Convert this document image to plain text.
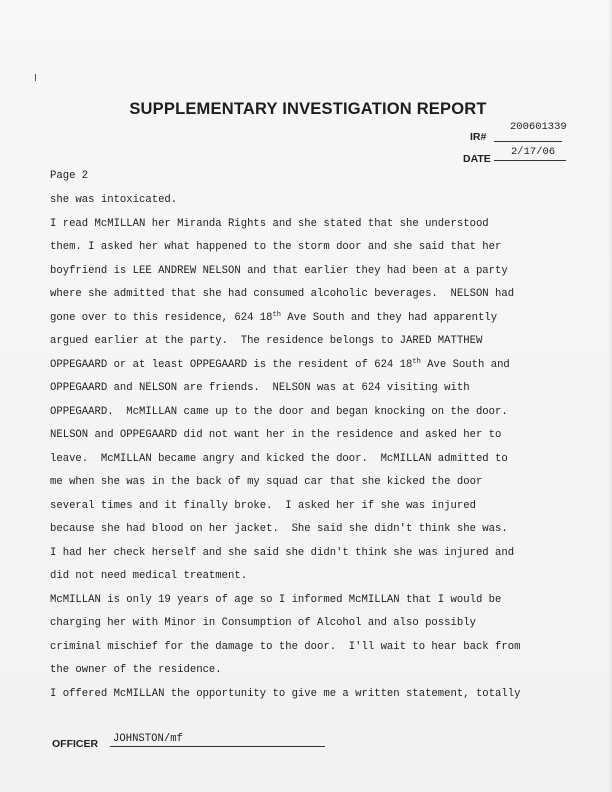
SUPPLEMENTARY INVESTIGATION REPORT
200601339
IR#
2/17/06
DATE
Page 2
she was intoxicated.
I read McMILLAN her Miranda Rights and she stated that she understood
them. I asked her what happened to the storm door and she said that her
boyfriend is LEE ANDREW NELSON and that earlier they had been at a party
where she admitted that she had consumed alcoholic beverages.  NELSON had
gone over to this residence, 624 18th Ave South and they had apparently
argued earlier at the party.  The residence belongs to JARED MATTHEW
OPPEGAARD or at least OPPEGAARD is the resident of 624 18th Ave South and
OPPEGAARD and NELSON are friends.  NELSON was at 624 visiting with
OPPEGAARD.  McMILLAN came up to the door and began knocking on the door.
NELSON and OPPEGAARD did not want her in the residence and asked her to
leave.  McMILLAN became angry and kicked the door.  McMILLAN admitted to
me when she was in the back of my squad car that she kicked the door
several times and it finally broke.  I asked her if she was injured
because she had blood on her jacket.  She said she didn't think she was.
I had her check herself and she said she didn't think she was injured and
did not need medical treatment.
McMILLAN is only 19 years of age so I informed McMILLAN that I would be
charging her with Minor in Consumption of Alcohol and also possibly
criminal mischief for the damage to the door.  I'll wait to hear back from
the owner of the residence.
I offered McMILLAN the opportunity to give me a written statement, totally
OFFICER JOHNSTON/mf
